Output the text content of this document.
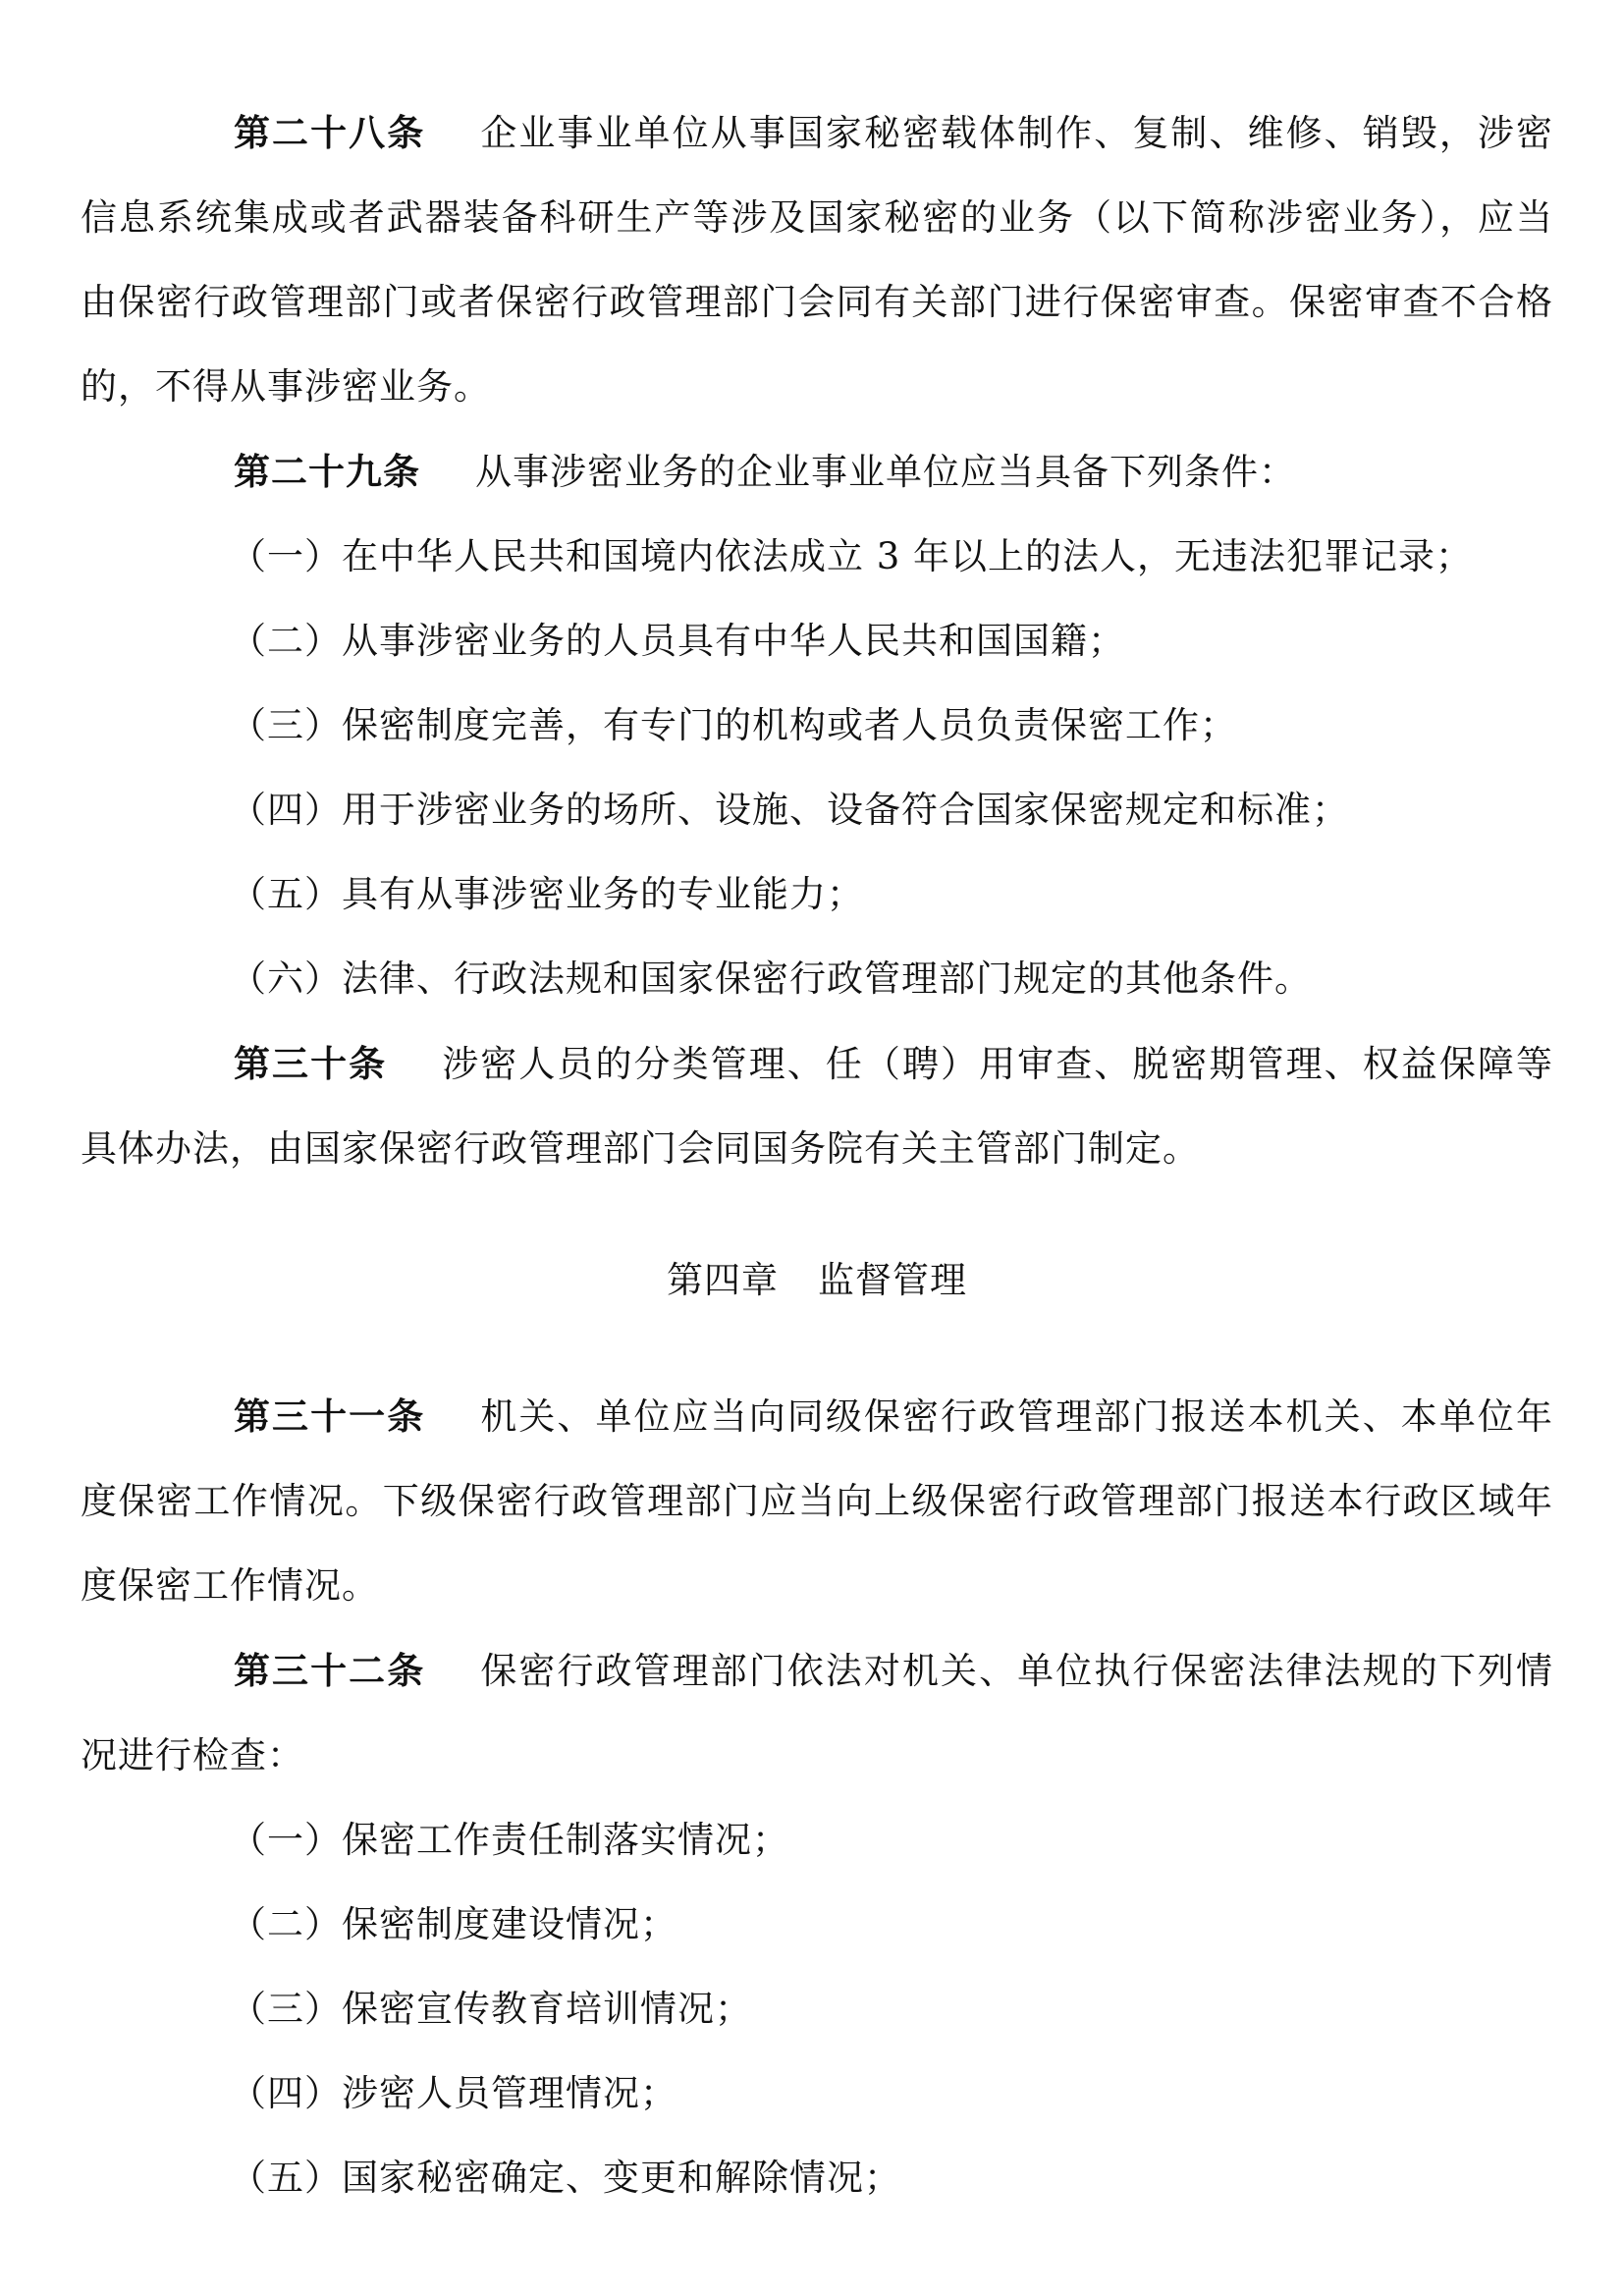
第二十八条 企业事业单位从事国家秘密载体制作、复制、维修、销毁，涉密信息系统集成或者武器装备科研生产等涉及国家秘密的业务（以下简称涉密业务），应当由保密行政管理部门或者保密行政管理部门会同有关部门进行保密审查。保密审查不合格的，不得从事涉密业务。

第二十九条 从事涉密业务的企业事业单位应当具备下列条件：

（一）在中华人民共和国境内依法成立 3 年以上的法人，无违法犯罪记录；

（二）从事涉密业务的人员具有中华人民共和国国籍；

（三）保密制度完善，有专门的机构或者人员负责保密工作；

（四）用于涉密业务的场所、设施、设备符合国家保密规定和标准；

（五）具有从事涉密业务的专业能力；

（六）法律、行政法规和国家保密行政管理部门规定的其他条件。

第三十条 涉密人员的分类管理、任（聘）用审查、脱密期管理、权益保障等具体办法，由国家保密行政管理部门会同国务院有关主管部门制定。

第四章 监督管理

第三十一条 机关、单位应当向同级保密行政管理部门报送本机关、本单位年度保密工作情况。下级保密行政管理部门应当向上级保密行政管理部门报送本行政区域年度保密工作情况。

第三十二条 保密行政管理部门依法对机关、单位执行保密法律法规的下列情况进行检查：

（一）保密工作责任制落实情况；

（二）保密制度建设情况；

（三）保密宣传教育培训情况；

（四）涉密人员管理情况；

（五）国家秘密确定、变更和解除情况；
